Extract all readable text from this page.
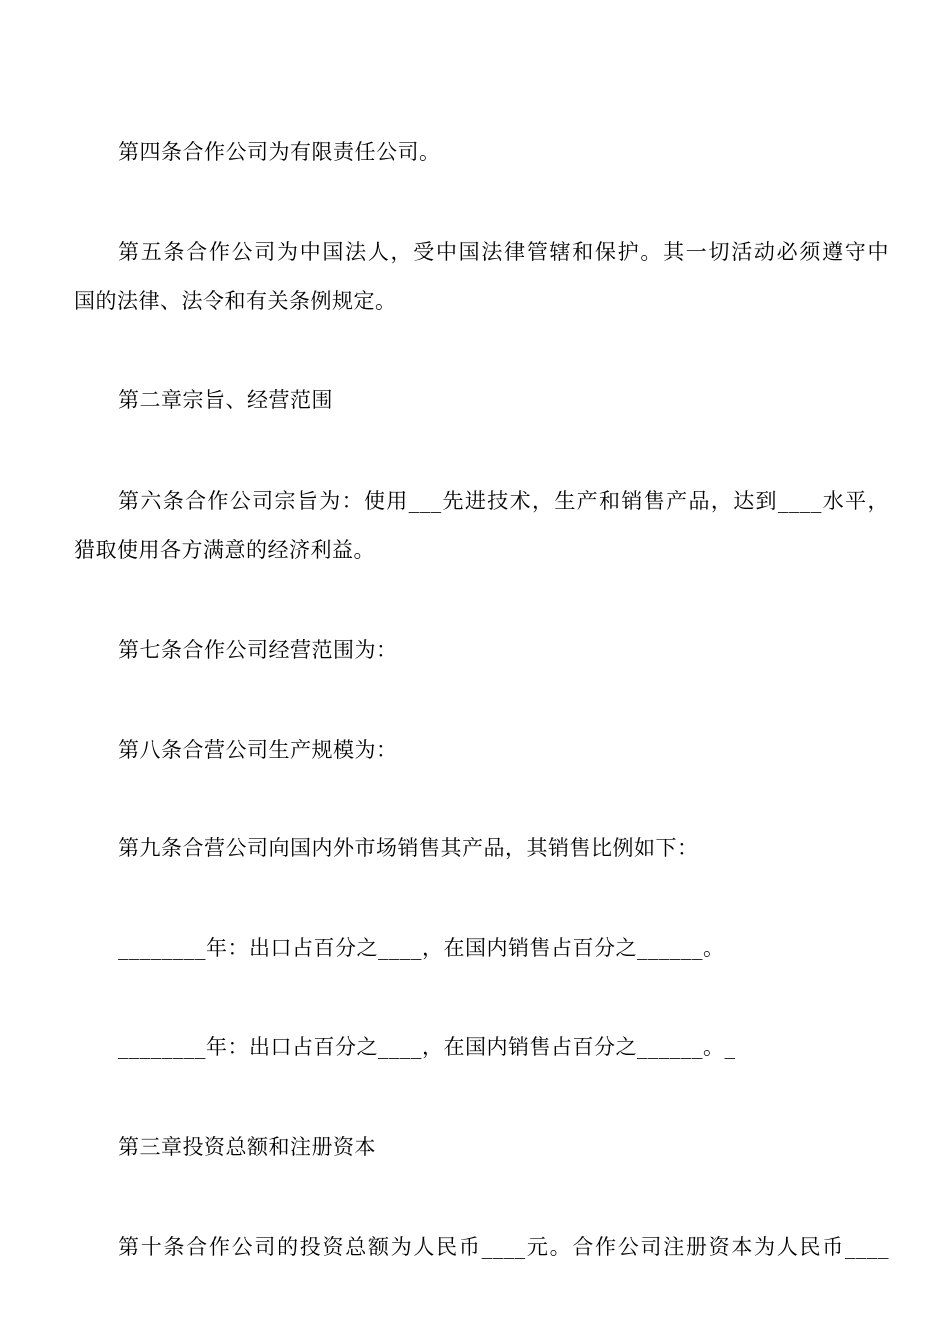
第四条合作公司为有限责任公司。
第五条合作公司为中国法人，受中国法律管辖和保护。其一切活动必须遵守中
国的法律、法令和有关条例规定。
第二章宗旨、经营范围
第六条合作公司宗旨为：使用___先进技术，生产和销售产品，达到____水平，
猎取使用各方满意的经济利益。
第七条合作公司经营范围为：
第八条合营公司生产规模为：
第九条合营公司向国内外市场销售其产品，其销售比例如下：
________年：出口占百分之____，在国内销售占百分之______。
________年：出口占百分之____，在国内销售占百分之______。_
第三章投资总额和注册资本
第十条合作公司的投资总额为人民币____元。合作公司注册资本为人民币____
